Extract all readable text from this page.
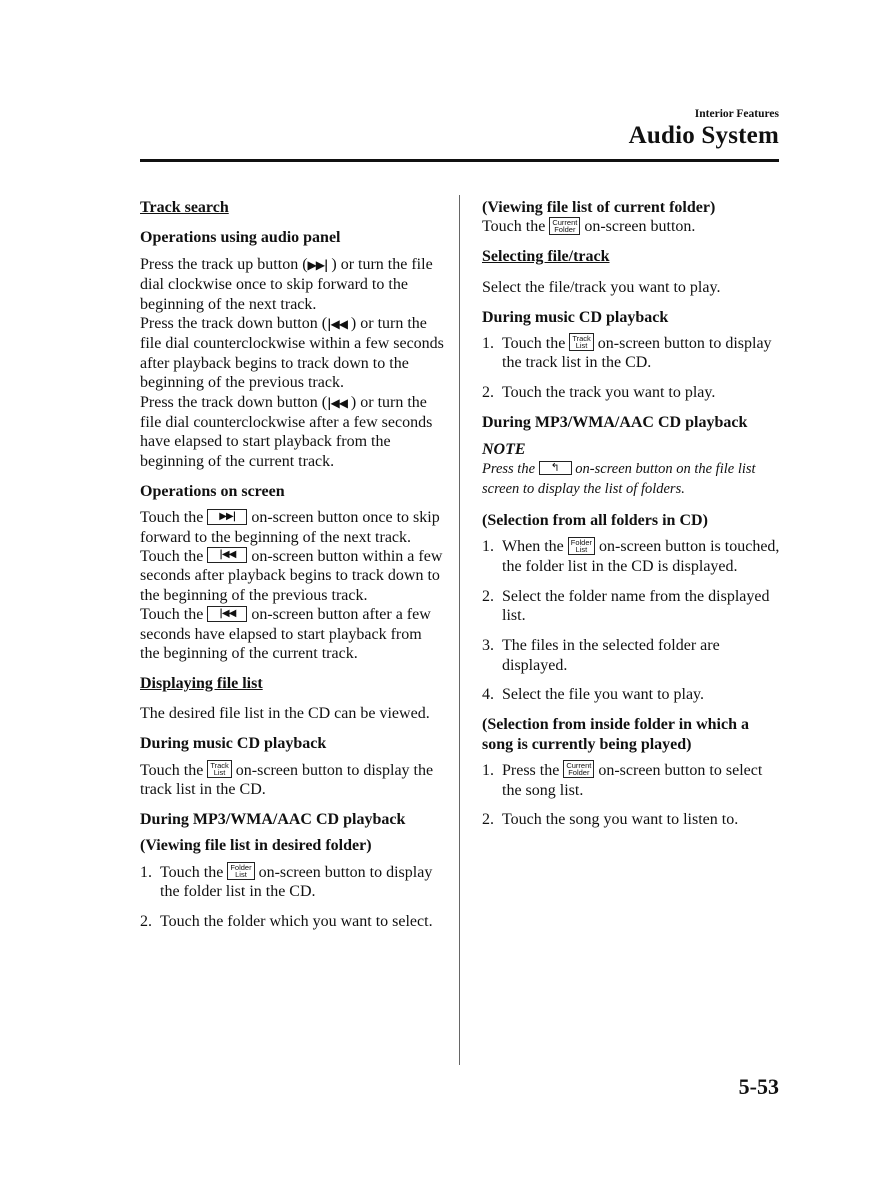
Interior Features
Audio System

Track search

Operations using audio panel

Press the track up button (▶▶| ) or turn the file dial clockwise once to skip forward to the beginning of the next track.
Press the track down button (|◀◀ ) or turn the file dial counterclockwise within a few seconds after playback begins to track down to the beginning of the previous track.
Press the track down button (|◀◀ ) or turn the file dial counterclockwise after a few seconds have elapsed to start playback from the beginning of the current track.

Operations on screen

Touch the ▶▶| on-screen button once to skip forward to the beginning of the next track.
Touch the |◀◀ on-screen button within a few seconds after playback begins to track down to the beginning of the previous track.
Touch the |◀◀ on-screen button after a few seconds have elapsed to start playback from the beginning of the current track.

Displaying file list

The desired file list in the CD can be viewed.

During music CD playback

Touch the Track
List on-screen button to display the track list in the CD.

During MP3/WMA/AAC CD playback

(Viewing file list in desired folder)

1. Touch the Folder
List on-screen button to display the folder list in the CD.
2. Touch the folder which you want to select.

(Viewing file list of current folder)

Touch the Current
Folder on-screen button.

Selecting file/track

Select the file/track you want to play.

During music CD playback

1. Touch the Track
List on-screen button to display the track list in the CD.
2. Touch the track you want to play.

During MP3/WMA/AAC CD playback

NOTE

Press the ↰ on-screen button on the file list screen to display the list of folders.

(Selection from all folders in CD)

1. When the Folder
List on-screen button is touched, the folder list in the CD is displayed.
2. Select the folder name from the displayed list.
3. The files in the selected folder are displayed.
4. Select the file you want to play.

(Selection from inside folder in which a song is currently being played)

1. Press the Current
Folder on-screen button to select the song list.
2. Touch the song you want to listen to.
5-53
